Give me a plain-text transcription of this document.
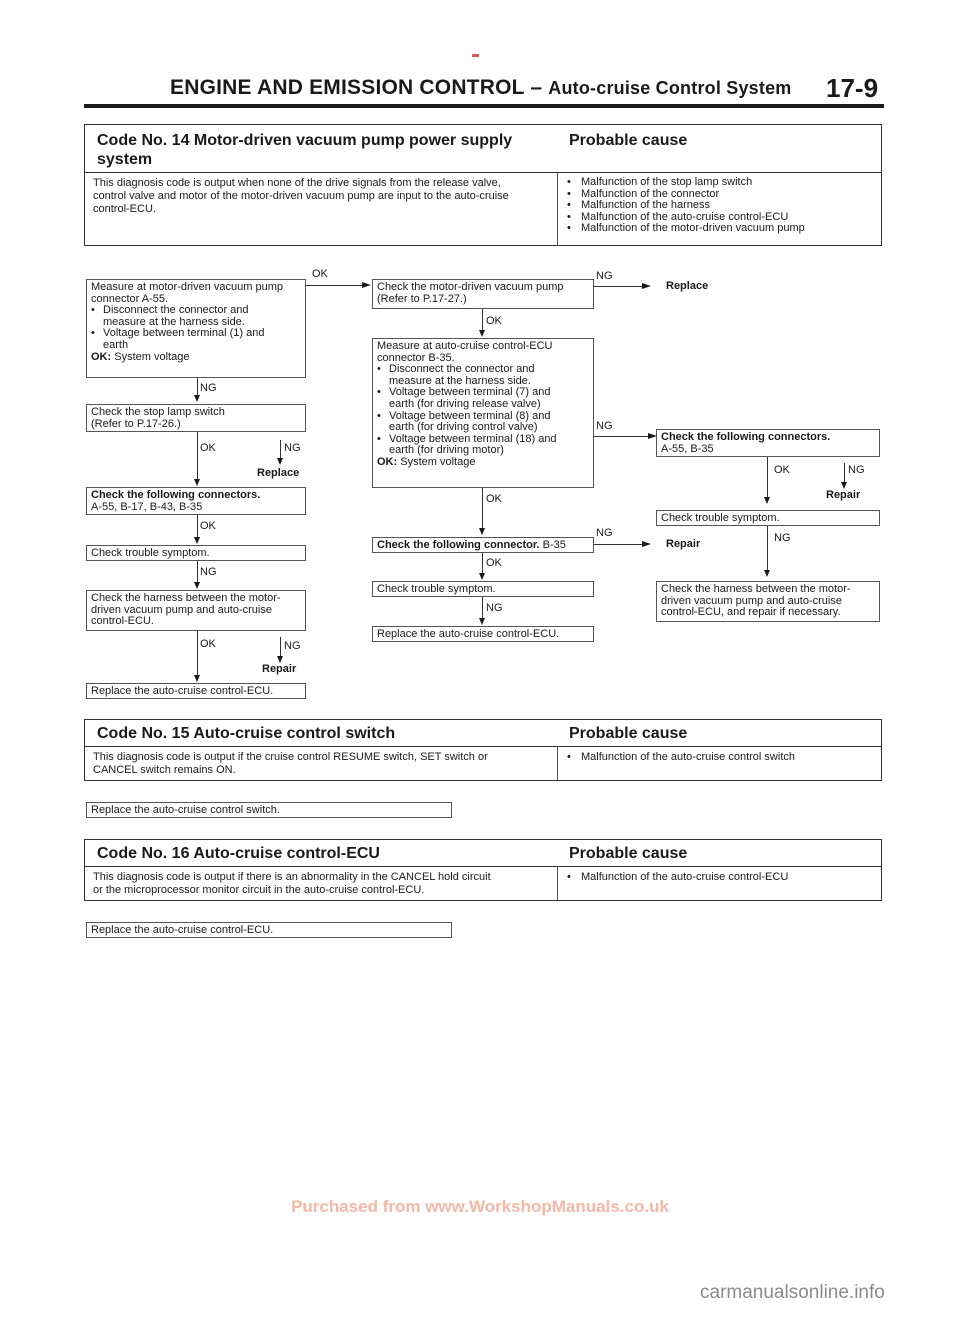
ENGINE AND EMISSION CONTROL – Auto-cruise Control System 17-9
Code No. 14 Motor-driven vacuum pump power supply
system
Probable cause
This diagnosis code is output when none of the drive signals from the release valve,
control valve and motor of the motor-driven vacuum pump are input to the auto-cruise
control-ECU.
• Malfunction of the stop lamp switch
• Malfunction of the connector
• Malfunction of the harness
• Malfunction of the auto-cruise control-ECU
• Malfunction of the motor-driven vacuum pump
Measure at motor-driven vacuum pump
connector A-55.
• Disconnect the connector and
measure at the harness side.
• Voltage between terminal (1) and
earth
OK: System voltage
NG
Check the stop lamp switch
(Refer to P.17-26.)
OK	NG
Replace
Check the following connectors.
A-55, B-17, B-43, B-35
OK
Check trouble symptom.
NG
Check the harness between the motor-
driven vacuum pump and auto-cruise
control-ECU.
OK	NG
Repair
Replace the auto-cruise control-ECU.
OK
Check the motor-driven vacuum pump
(Refer to P.17-27.)
OK
NG
Replace
Measure at auto-cruise control-ECU
connector B-35.
• Disconnect the connector and
measure at the harness side.
• Voltage between terminal (7) and
earth (for driving release valve)
• Voltage between terminal (8) and
earth (for driving control valve)
• Voltage between terminal (18) and
earth (for driving motor)
OK: System voltage
OK
NG
Check the following connector. B-35
OK
NG
Repair
Check trouble symptom.
NG
Replace the auto-cruise control-ECU.
Check the following connectors.
A-55, B-35
OK	NG
Repair
Check trouble symptom.
NG
Check the harness between the motor-
driven vacuum pump and auto-cruise
control-ECU, and repair if necessary.
Code No. 15 Auto-cruise control switch	Probable cause
This diagnosis code is output if the cruise control RESUME switch, SET switch or
CANCEL switch remains ON.
• Malfunction of the auto-cruise control switch
Replace the auto-cruise control switch.
Code No. 16 Auto-cruise control-ECU	Probable cause
This diagnosis code is output if there is an abnormality in the CANCEL hold circuit
or the microprocessor monitor circuit in the auto-cruise control-ECU.
• Malfunction of the auto-cruise control-ECU
Replace the auto-cruise control-ECU.
Purchased from www.WorkshopManuals.co.uk
carmanualsonline.info
